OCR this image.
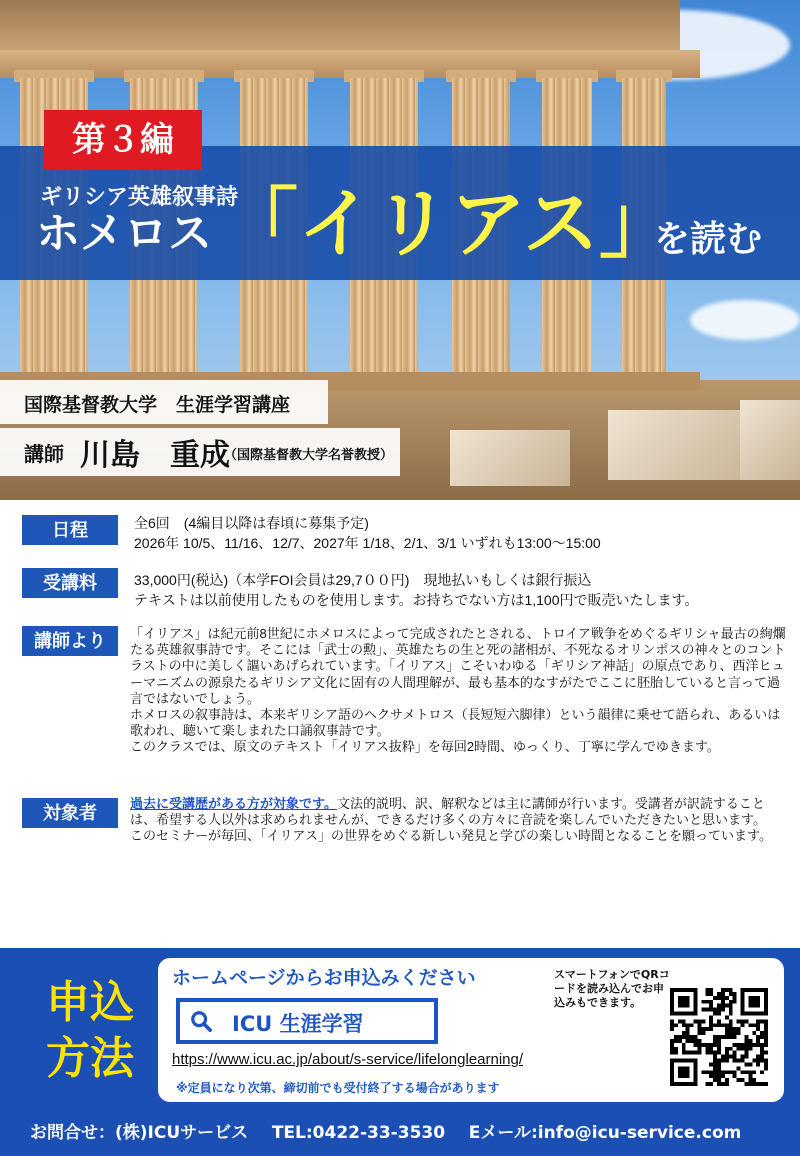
第３編
ギリシア英雄叙事詩
ホメロス 「イリアス」
を読む
国際基督教大学　生涯学習講座
講師 川島　重成
（国際基督教大学名誉教授）
日程	全6回　(4編目以降は春頃に募集予定)
2026年 10/5、11/16、12/7、2027年 1/18、2/1、3/1 いずれも13:00〜15:00
受講料	33,000円(税込)（本学FOI会員は29,7００円)　現地払いもしくは銀行振込
テキストは以前使用したものを使用します。お持ちでない方は1,100円で販売いたします。
講師より	「イリアス」は紀元前8世紀にホメロスによって完成されたとされる、トロイア戦争をめぐるギリシャ最古の絢爛たる英雄叙事詩です。そこには「武士の勲」、英雄たちの生と死の諸相が、不死なるオリンポスの神々とのコントラストの中に美しく謳いあげられています。「イリアス」こそいわゆる「ギリシア神話」の原点であり、西洋ヒューマニズムの源泉たるギリシア文化に固有の人間理解が、最も基本的なすがたでここに胚胎していると言って過言ではないでしょう。
ホメロスの叙事詩は、本来ギリシア語のヘクサメトロス（長短短六脚律）という韻律に乗せて語られ、あるいは歌われ、聴いて楽しまれた口誦叙事詩です。
このクラスでは、原文のテキスト「イリアス抜粋」を毎回2時間、ゆっくり、丁寧に学んでゆきます。
対象者	過去に受講歴がある方が対象です。文法的説明、訳、解釈などは主に講師が行います。受講者が訳読することは、希望する人以外は求められませんが、できるだけ多くの方々に音読を楽しんでいただきたいと思います。
このセミナーが毎回、「イリアス」の世界をめぐる新しい発見と学びの楽しい時間となることを願っています。
申込方法
ホームページからお申込みください
ICU 生涯学習
https://www.icu.ac.jp/about/s-service/lifelonglearning/
※定員になり次第、締切前でも受付終了する場合があります
スマートフォンでQRコードを読み込んでお申込みもできます。
お問合せ：(株)ICUサービス    TEL:0422-33-3530    Eメール:info@icu-service.com
